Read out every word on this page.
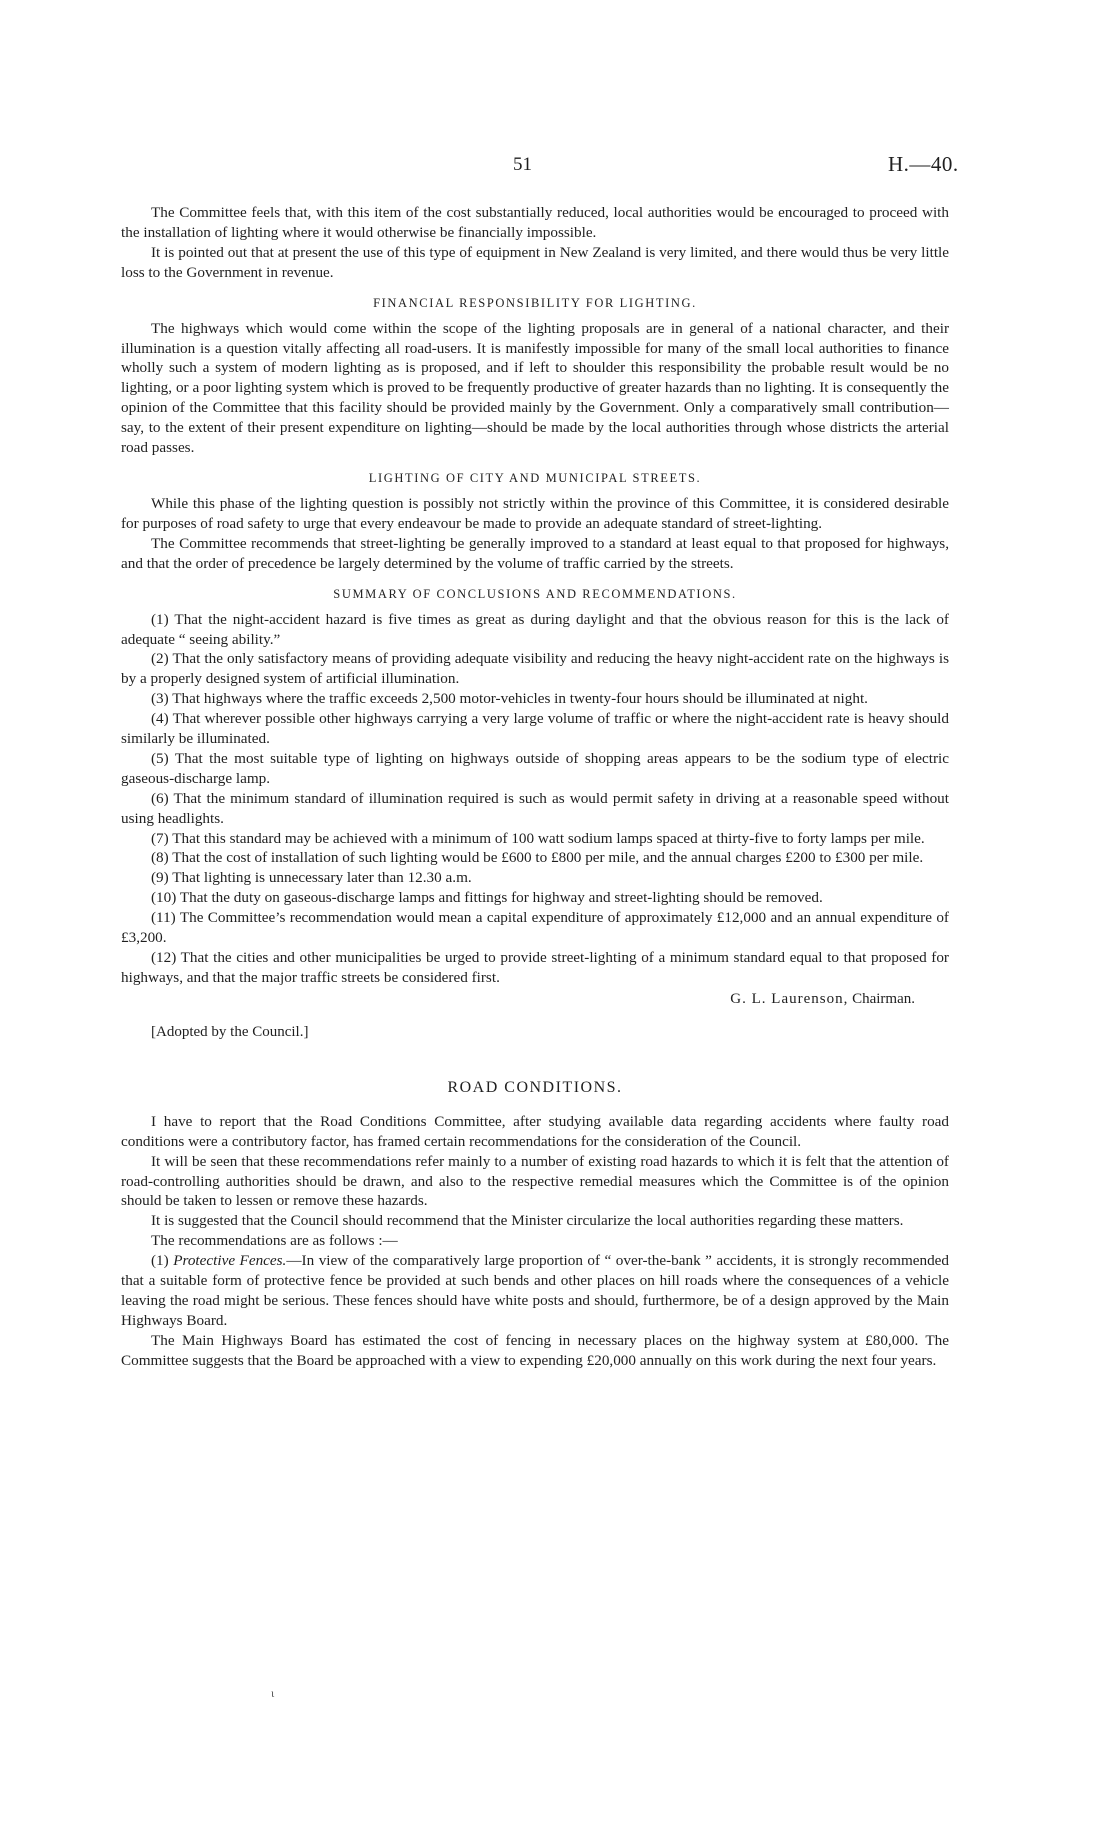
51	H.—40.

The Committee feels that, with this item of the cost substantially reduced, local authorities would be encouraged to proceed with the installation of lighting where it would otherwise be financially impossible.

It is pointed out that at present the use of this type of equipment in New Zealand is very limited, and there would thus be very little loss to the Government in revenue.

FINANCIAL RESPONSIBILITY FOR LIGHTING.

The highways which would come within the scope of the lighting proposals are in general of a national character, and their illumination is a question vitally affecting all road-users. It is manifestly impossible for many of the small local authorities to finance wholly such a system of modern lighting as is proposed, and if left to shoulder this responsibility the probable result would be no lighting, or a poor lighting system which is proved to be frequently productive of greater hazards than no lighting. It is consequently the opinion of the Committee that this facility should be provided mainly by the Government. Only a comparatively small contribution—say, to the extent of their present expenditure on lighting—should be made by the local authorities through whose districts the arterial road passes.

LIGHTING OF CITY AND MUNICIPAL STREETS.

While this phase of the lighting question is possibly not strictly within the province of this Committee, it is considered desirable for purposes of road safety to urge that every endeavour be made to provide an adequate standard of street-lighting.

The Committee recommends that street-lighting be generally improved to a standard at least equal to that proposed for highways, and that the order of precedence be largely determined by the volume of traffic carried by the streets.

SUMMARY OF CONCLUSIONS AND RECOMMENDATIONS.

(1) That the night-accident hazard is five times as great as during daylight and that the obvious reason for this is the lack of adequate “ seeing ability.”

(2) That the only satisfactory means of providing adequate visibility and reducing the heavy night-accident rate on the highways is by a properly designed system of artificial illumination.

(3) That highways where the traffic exceeds 2,500 motor-vehicles in twenty-four hours should be illuminated at night.

(4) That wherever possible other highways carrying a very large volume of traffic or where the night-accident rate is heavy should similarly be illuminated.

(5) That the most suitable type of lighting on highways outside of shopping areas appears to be the sodium type of electric gaseous-discharge lamp.

(6) That the minimum standard of illumination required is such as would permit safety in driving at a reasonable speed without using headlights.

(7) That this standard may be achieved with a minimum of 100 watt sodium lamps spaced at thirty-five to forty lamps per mile.

(8) That the cost of installation of such lighting would be £600 to £800 per mile, and the annual charges £200 to £300 per mile.

(9) That lighting is unnecessary later than 12.30 a.m.

(10) That the duty on gaseous-discharge lamps and fittings for highway and street-lighting should be removed.

(11) The Committee’s recommendation would mean a capital expenditure of approximately £12,000 and an annual expenditure of £3,200.

(12) That the cities and other municipalities be urged to provide street-lighting of a minimum standard equal to that proposed for highways, and that the major traffic streets be considered first.

G. L. Laurenson, Chairman.
[Adopted by the Council.]
ROAD CONDITIONS.

I have to report that the Road Conditions Committee, after studying available data regarding accidents where faulty road conditions were a contributory factor, has framed certain recommendations for the consideration of the Council.

It will be seen that these recommendations refer mainly to a number of existing road hazards to which it is felt that the attention of road-controlling authorities should be drawn, and also to the respective remedial measures which the Committee is of the opinion should be taken to lessen or remove these hazards.

It is suggested that the Council should recommend that the Minister circularize the local authorities regarding these matters.

The recommendations are as follows :—

(1) Protective Fences.—In view of the comparatively large proportion of “ over-the-bank ” accidents, it is strongly recommended that a suitable form of protective fence be provided at such bends and other places on hill roads where the consequences of a vehicle leaving the road might be serious. These fences should have white posts and should, furthermore, be of a design approved by the Main Highways Board.

The Main Highways Board has estimated the cost of fencing in necessary places on the highway system at £80,000. The Committee suggests that the Board be approached with a view to expending £20,000 annually on this work during the next four years.

ι
